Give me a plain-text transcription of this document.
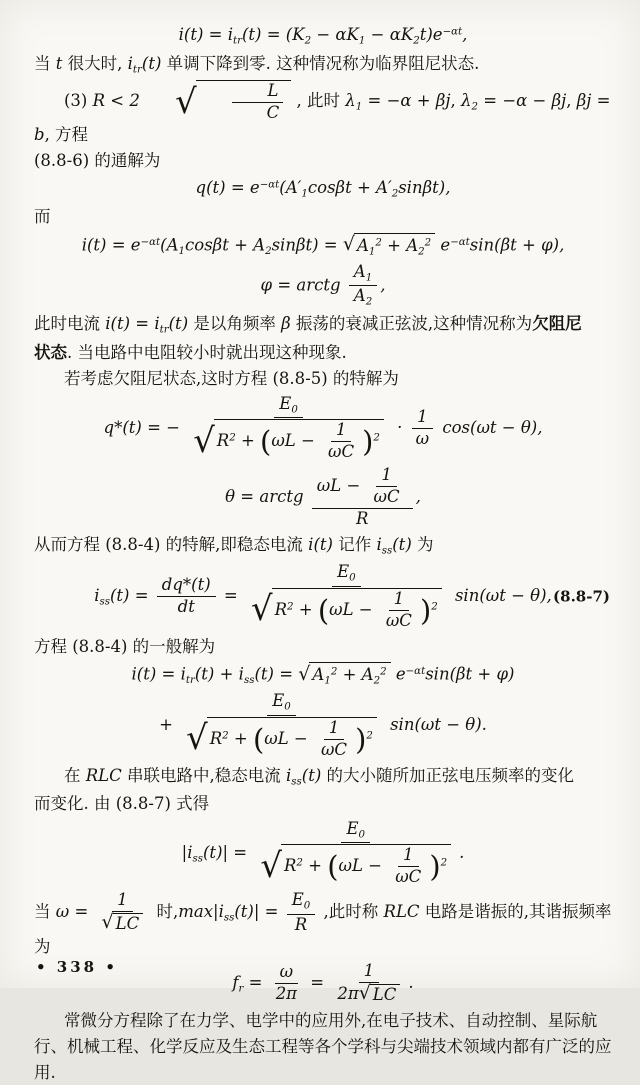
$i(t) = i_{tr}(t) = (K_2 - \alpha K_1 - \alpha K_2t)e^{-\alpha t}$,
当 t 很大时, $i_{tr}(t)$ 单调下降到零. 这种情况称为临界阻尼状态.
(3) R < 2 √ $\frac{L}{C}$ , 此时 $\lambda_1 = -\alpha + \beta j$, $\lambda_2 = -\alpha - \beta j$, βj = b, 方程
(8.8-6) 的通解为
$q(t) = e^{-\alpha t}(A'_1\cos\beta t + A'_2\sin\beta t)$,
而
$i(t) = e^{-\alpha t}(A_1\cos\beta t + A_2\sin\beta t)$ = √ $A_1^2 + A_2^2$ $e^{-\alpha t}\sin(\beta t + \varphi)$,
φ = arctg $\frac{A_1}{A_2}$ ,
此时电流 $i(t) = i_{tr}(t)$ 是以角频率 β 振荡的衰减正弦波,这种情况称为欠阻尼
状态. 当电路中电阻较小时就出现这种现象.
若考虑欠阻尼状态,这时方程 (8.8-5) 的特解为
q*(t) = − $\frac{E_0}{√ R^2 + (\omega L - \frac{1}{\omega C} )^2} \cdot \frac{1}{\omega} \cos(\omega t - \theta)$,
θ = arctg $\frac{\omega L - \frac{1}{\omega C}}{R}$ ,
从而方程 (8.8-4) 的特解,即稳态电流 i(t) 记作 $i_{ss}(t)$ 为
$i_{ss}(t) = \frac{dq*(t)}{dt} = \frac{E_0}{√ R^2 + (\omega L - \frac{1}{\omega C} )^2} \sin(\omega t - \theta)$, (8.8-7)
方程 (8.8-4) 的一般解为
$i(t) = i_{tr}(t) + i_{ss}(t)$ = √ $A_1^2 + A_2^2$ $e^{-\alpha t}\sin(\beta t + \varphi)$
+ $\frac{E_0}{√ R^2 + (\omega L - \frac{1}{\omega C} )^2} \sin(\omega t - \theta)$.
在 RLC 串联电路中,稳态电流 $i_{ss}(t)$ 的大小随所加正弦电压频率的变化
而变化. 由 (8.8-7) 式得
$|i_{ss}(t)| = \frac{E_0}{√ R^2 + (\omega L - \frac{1}{\omega C} )^2}$ .
当 $\omega = \frac{1}{√ LC}$ 时$,\max|i_{ss}(t)| = \frac{E_0}{R}$ ,此时称 RLC 电路是谐振的,其谐振频率为
$f_r = \frac{\omega}{2\pi} = \frac{1}{2\pi √ LC}$ .
常微分方程除了在力学、电学中的应用外,在电子技术、自动控制、星际航
行、机械工程、化学反应及生态工程等各个学科与尖端技术领域内都有广泛的应
用.
• 338 •
